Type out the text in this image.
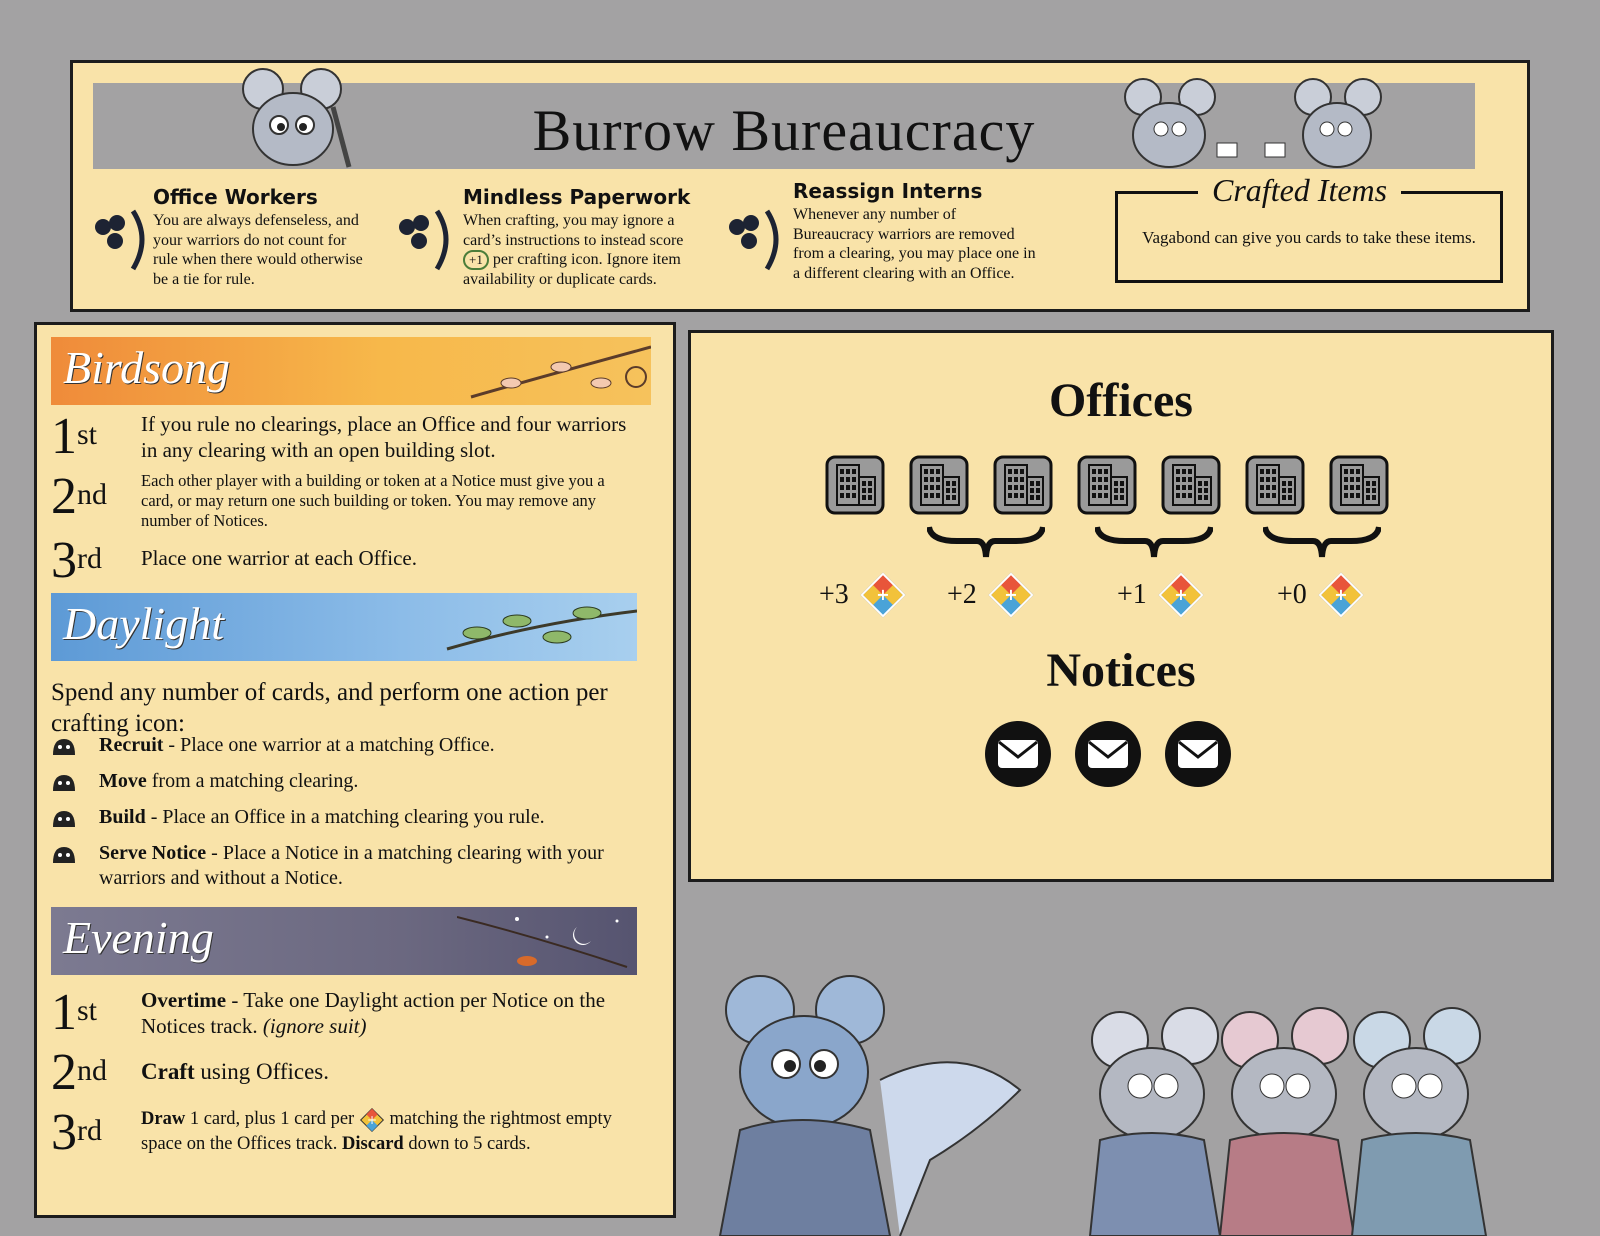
Burrow Bureaucracy
Office Workers

You are always defenseless, and
your warriors do not count for
rule when there would otherwise
be a tie for rule.

Mindless Paperwork

When crafting, you may ignore a
card’s instructions to instead score
+1 per crafting icon. Ignore item
availability or duplicate cards.

Reassign Interns

Whenever any number of
Bureaucracy warriors are removed
from a clearing, you may place one in
a different clearing with an Office.

Crafted Items
Vagabond can give you cards to take these items.
Birdsong
1st If you rule no clearings, place an Office and four warriors in any clearing with an open building slot.
2nd Each other player with a building or token at a Notice must give you a card, or may return one such building or token. You may remove any number of Notices.
3rd Place one warrior at each Office.
Daylight
Spend any number of cards, and perform one action per crafting icon:
Recruit - Place one warrior at a matching Office.
Move from a matching clearing.
Build - Place an Office in a matching clearing you rule.
Serve Notice - Place a Notice in a matching clearing with your warriors and without a Notice.
Evening
1st Overtime - Take one Daylight action per Notice on the Notices track. (ignore suit)
2nd Craft using Offices.
3rd Draw 1 card, plus 1 card per + matching the rightmost empty space on the Offices track. Discard down to 5 cards.
Offices
+3 + +2 +	+1 +	+0 +
Notices
